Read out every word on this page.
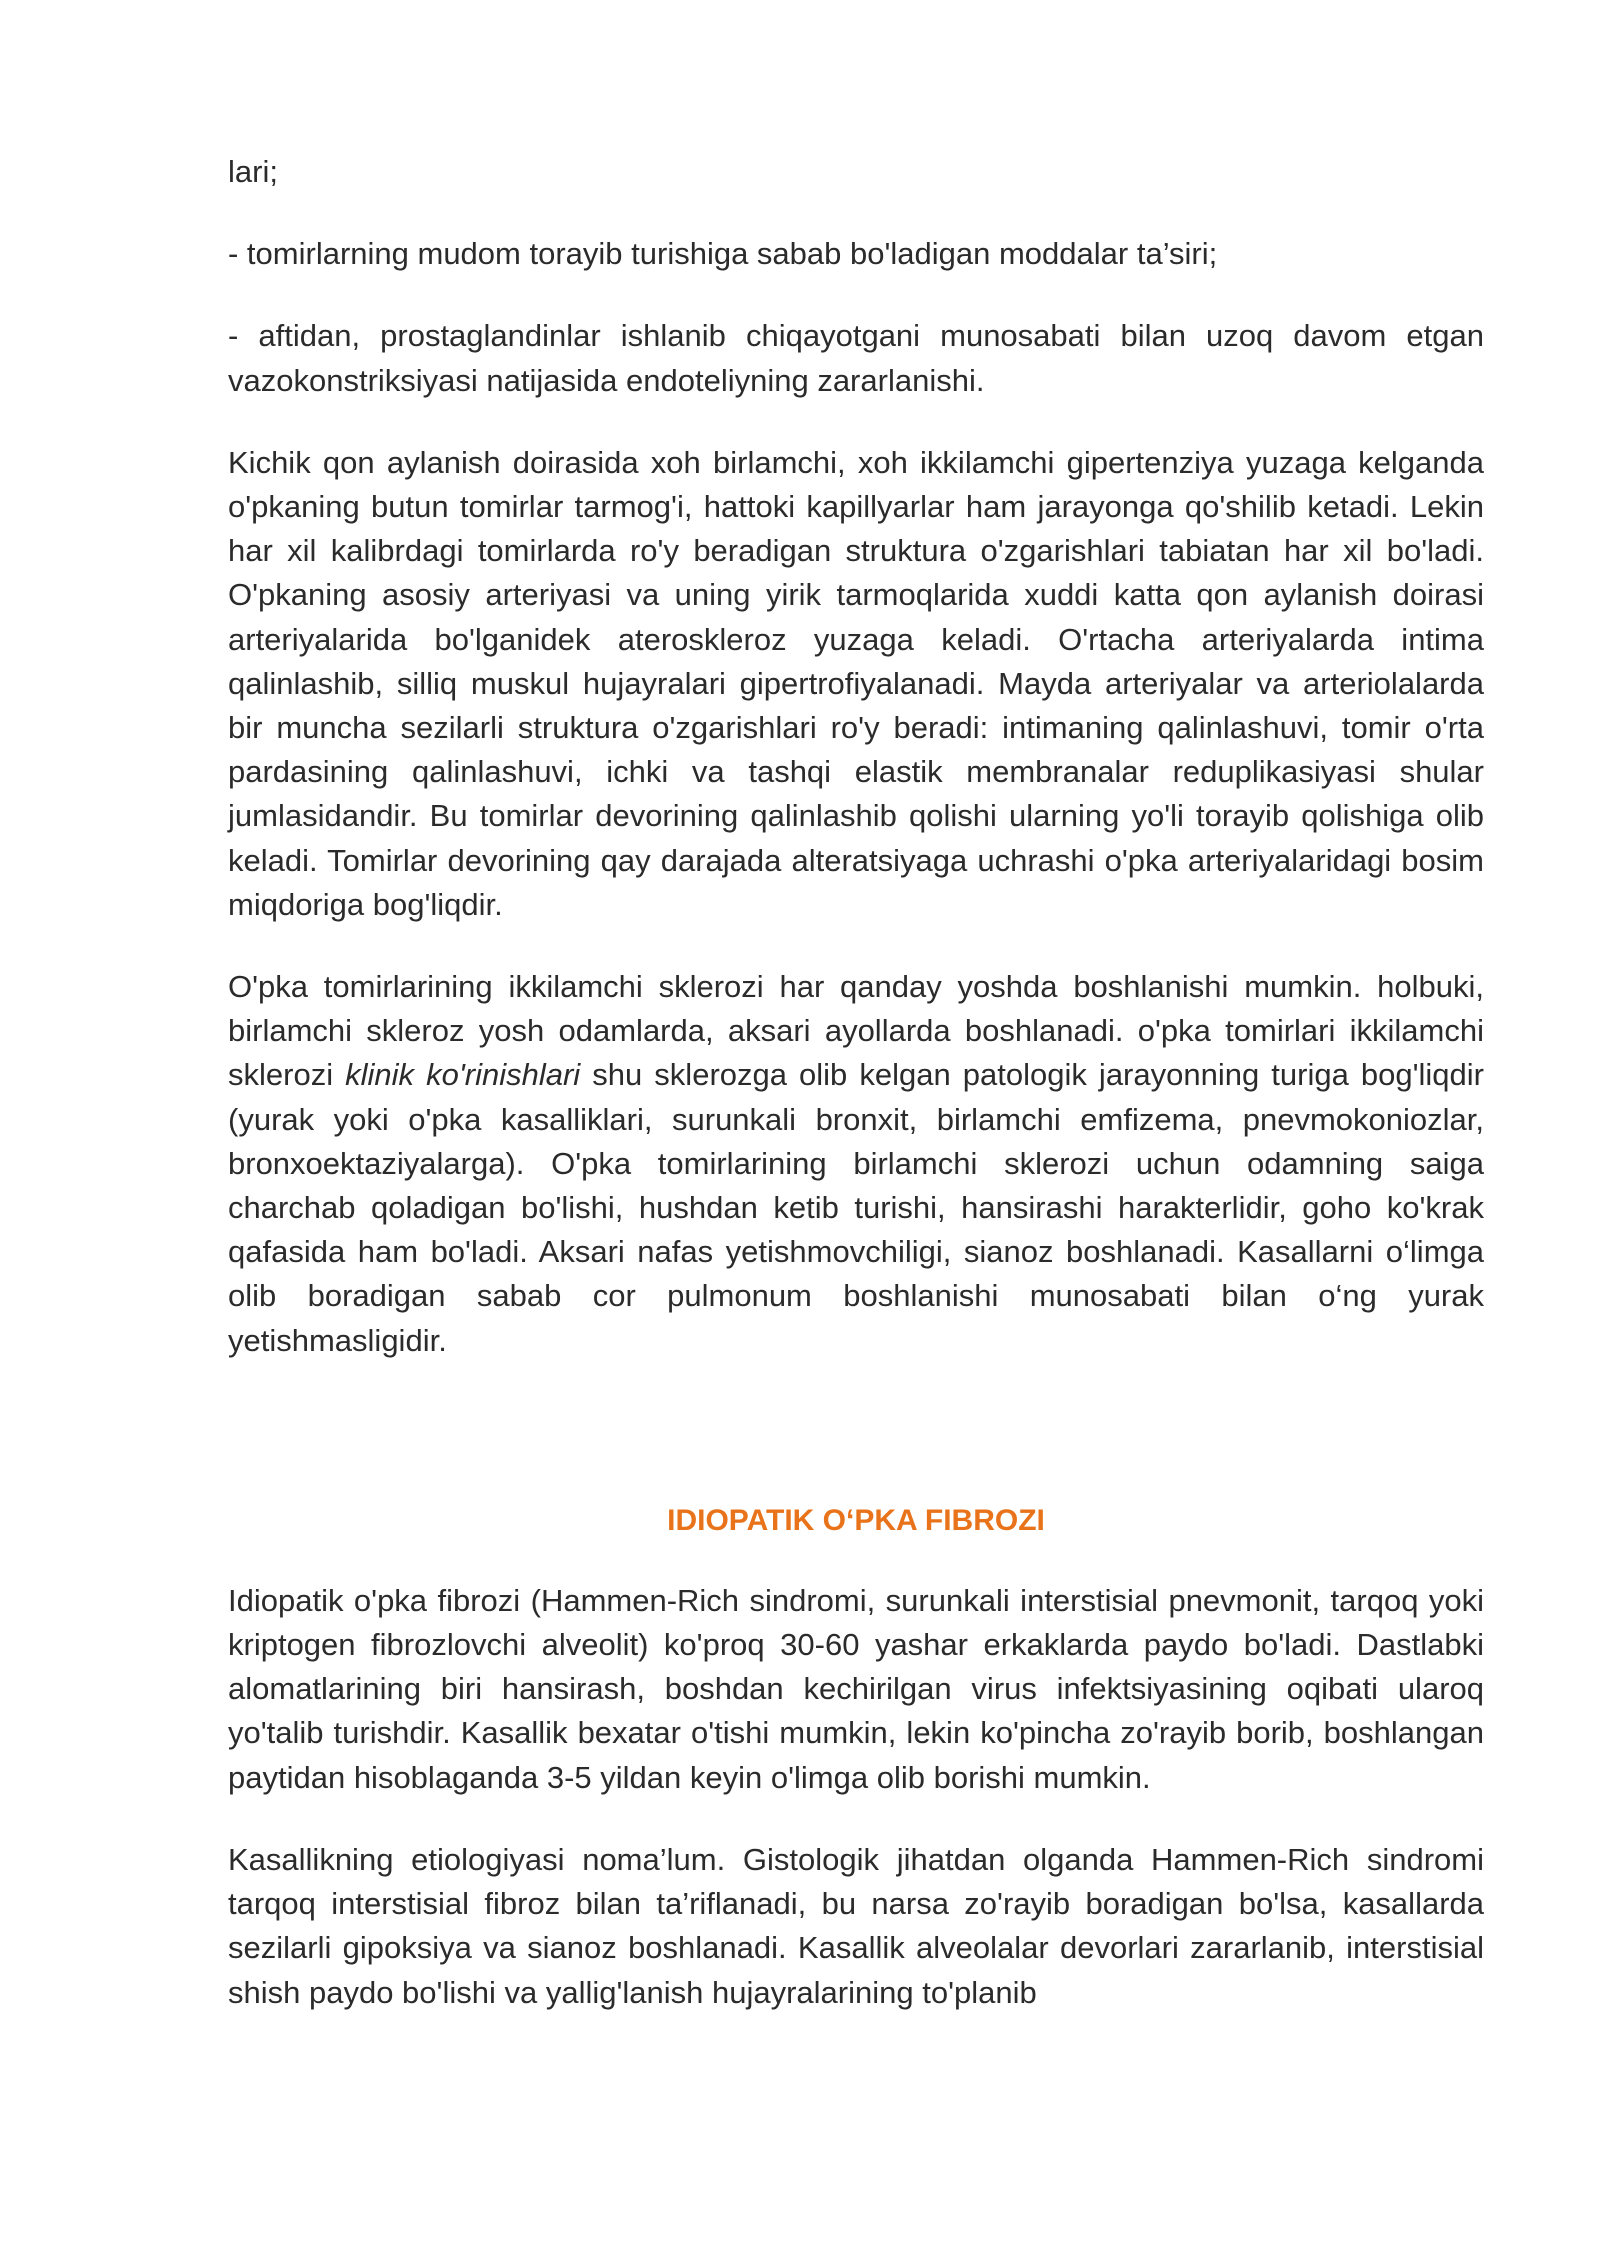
lari;

- tomirlarning mudom torayib turishiga sabab bo'ladigan moddalar ta’siri;

- aftidan, prostaglandinlar ishlanib chiqayotgani munosabati bilan uzoq davom etgan vazokonstriksiyasi natijasida endoteliyning zararlanishi.

Kichik qon aylanish doirasida xoh birlamchi, xoh ikkilamchi gipertenziya yuzaga kelganda o'pkaning butun tomirlar tarmog'i, hattoki kapillyarlar ham jarayonga qo'shilib ketadi. Lekin har xil kalibrdagi tomirlarda ro'y beradigan struktura o'zgarishlari tabiatan har xil bo'ladi. O'pkaning asosiy arteriyasi va uning yirik tarmoqlarida xuddi katta qon aylanish doirasi arteriyalarida bo'lganidek ateroskleroz yuzaga keladi. O'rtacha arteriyalarda intima qalinlashib, silliq muskul hujayralari gipertrofiyalanadi. Mayda arteriyalar va arteriolalarda bir muncha sezilarli struktura o'zgarishlari ro'y beradi: intimaning qalinlashuvi, tomir o'rta pardasining qalinlashuvi, ichki va tashqi elastik membranalar reduplikasiyasi shular jumlasidandir. Bu tomirlar devorining qalinlashib qolishi ularning yo'li torayib qolishiga olib keladi. Tomirlar devorining qay darajada alteratsiyaga uchrashi o'pka arteriyalaridagi bosim miqdoriga bog'liqdir.

O'pka tomirlarining ikkilamchi sklerozi har qanday yoshda boshlanishi mumkin. holbuki, birlamchi skleroz yosh odamlarda, aksari ayollarda boshlanadi. o'pka tomirlari ikkilamchi sklerozi klinik ko'rinishlari shu sklerozga olib kelgan patologik jarayonning turiga bog'liqdir (yurak yoki o'pka kasalliklari, surunkali bronxit, birlamchi emfizema, pnevmokoniozlar, bronxoektaziyalarga). O'pka tomirlarining birlamchi sklerozi uchun odamning saiga charchab qoladigan bo'lishi, hushdan ketib turishi, hansirashi harakterlidir, goho ko'krak qafasida ham bo'ladi. Aksari nafas yetishmovchiligi, sianoz boshlanadi. Kasallarni o‘limga olib boradigan sabab cor pulmonum boshlanishi munosabati bilan o‘ng yurak yetishmasligidir.

IDIOPATIK O‘PKA FIBROZI

Idiopatik o'pka fibrozi (Hammen-Rich sindromi, surunkali interstisial pnevmonit, tarqoq yoki kriptogen fibrozlovchi alveolit) ko'proq 30-60 yashar erkaklarda paydo bo'ladi. Dastlabki alomatlarining biri hansirash, boshdan kechirilgan virus infektsiyasining oqibati ularoq yo'talib turishdir. Kasallik bexatar o'tishi mumkin, lekin ko'pincha zo'rayib borib, boshlangan paytidan hisoblaganda 3-5 yildan keyin o'limga olib borishi mumkin.

Kasallikning etiologiyasi noma’lum. Gistologik jihatdan olganda Hammen-Rich sindromi tarqoq interstisial fibroz bilan ta’riflanadi, bu narsa zo'rayib boradigan bo'lsa, kasallarda sezilarli gipoksiya va sianoz boshlanadi. Kasallik alveolalar devorlari zararlanib, interstisial shish paydo bo'lishi va yallig'lanish hujayralarining to'planib
